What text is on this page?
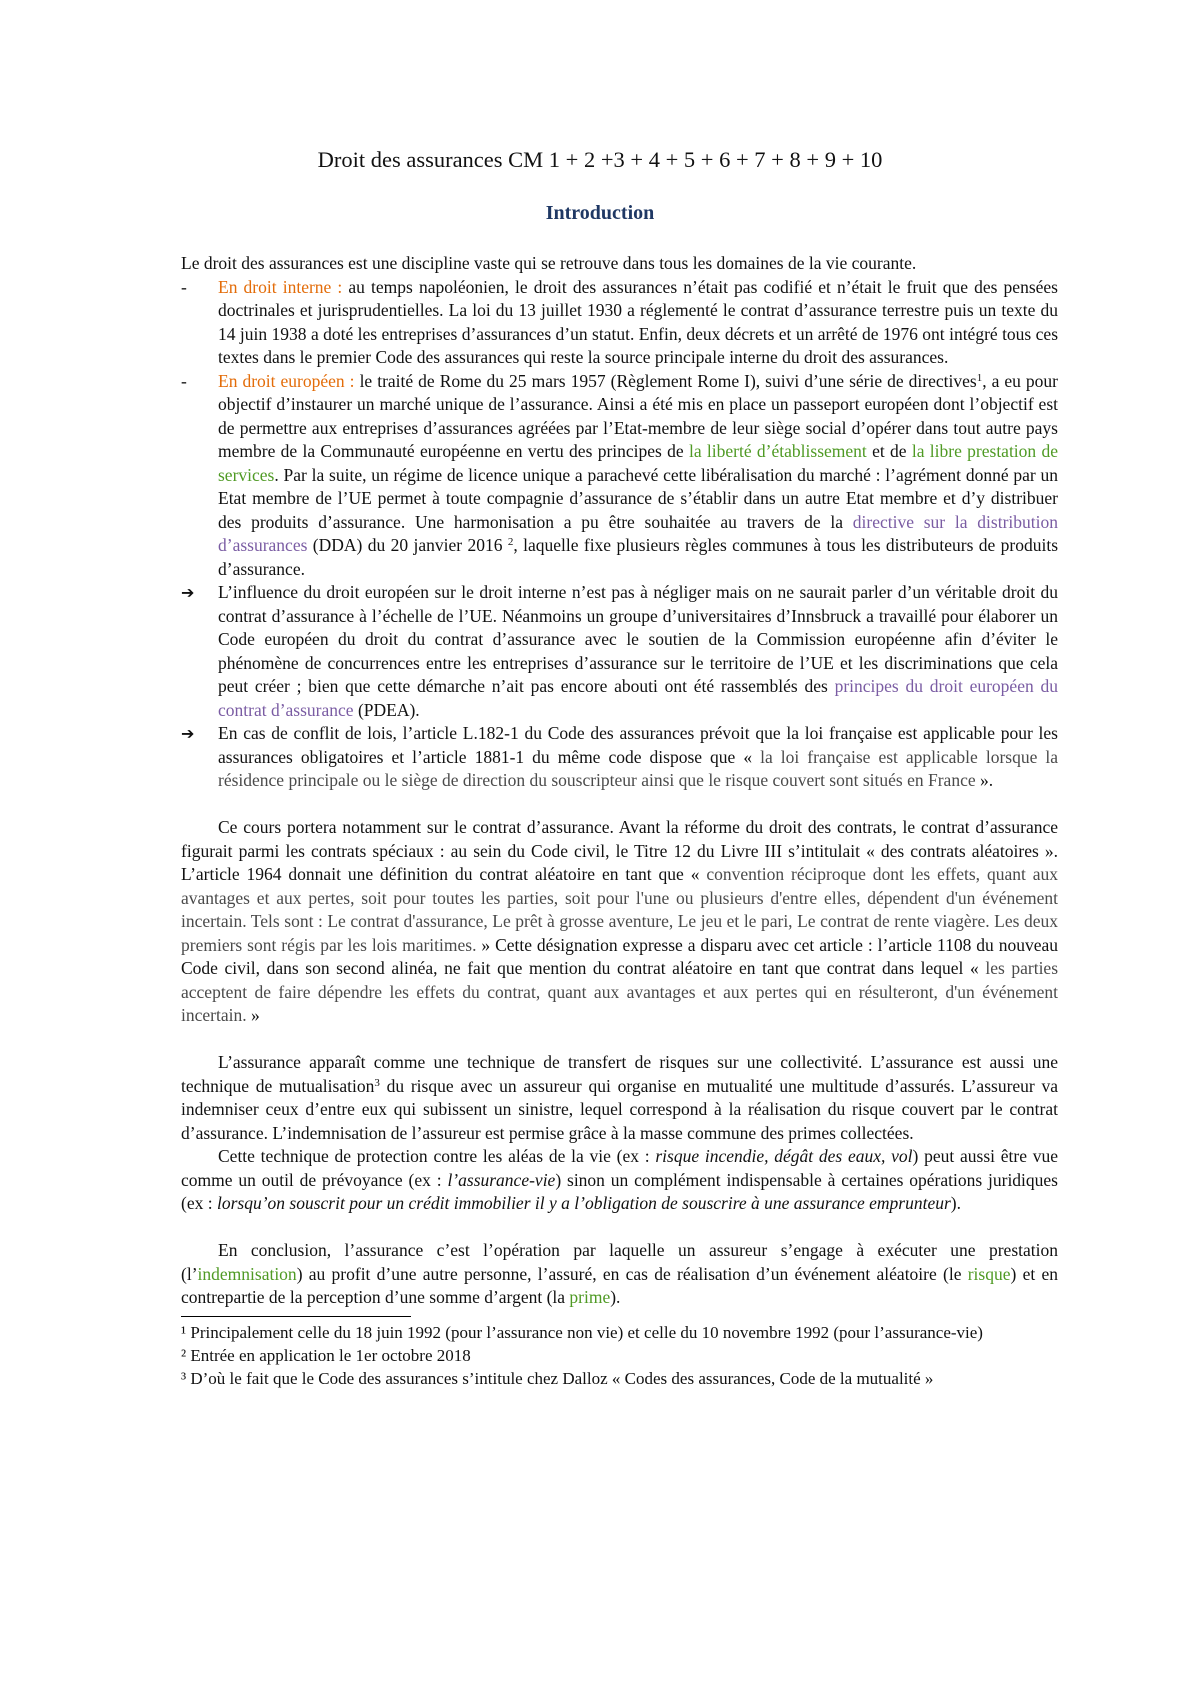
Droit des assurances CM 1 + 2 +3 + 4 + 5 + 6 + 7 + 8 + 9 + 10
Introduction

Le droit des assurances est une discipline vaste qui se retrouve dans tous les domaines de la vie courante.

- En droit interne : au temps napoléonien, le droit des assurances n’était pas codifié et n’était le fruit que des pensées doctrinales et jurisprudentielles. La loi du 13 juillet 1930 a réglementé le contrat d’assurance terrestre puis un texte du 14 juin 1938 a doté les entreprises d’assurances d’un statut. Enfin, deux décrets et un arrêté de 1976 ont intégré tous ces textes dans le premier Code des assurances qui reste la source principale interne du droit des assurances.
- En droit européen : le traité de Rome du 25 mars 1957 (Règlement Rome I), suivi d’une série de directives$^1$, a eu pour objectif d’instaurer un marché unique de l’assurance. Ainsi a été mis en place un passeport européen dont l’objectif est de permettre aux entreprises d’assurances agréées par l’Etat-membre de leur siège social d’opérer dans tout autre pays membre de la Communauté européenne en vertu des principes de la liberté d’établissement et de la libre prestation de services. Par la suite, un régime de licence unique a parachevé cette libéralisation du marché : l’agrément donné par un Etat membre de l’UE permet à toute compagnie d’assurance de s’établir dans un autre Etat membre et d’y distribuer des produits d’assurance. Une harmonisation a pu être souhaitée au travers de la directive sur la distribution d’assurances (DDA) du 20 janvier 2016 $^2$, laquelle fixe plusieurs règles communes à tous les distributeurs de produits d’assurance.
➔ L’influence du droit européen sur le droit interne n’est pas à négliger mais on ne saurait parler d’un véritable droit du contrat d’assurance à l’échelle de l’UE. Néanmoins un groupe d’universitaires d’Innsbruck a travaillé pour élaborer un Code européen du droit du contrat d’assurance avec le soutien de la Commission européenne afin d’éviter le phénomène de concurrences entre les entreprises d’assurance sur le territoire de l’UE et les discriminations que cela peut créer ; bien que cette démarche n’ait pas encore abouti ont été rassemblés des principes du droit européen du contrat d’assurance (PDEA).
➔ En cas de conflit de lois, l’article L.182-1 du Code des assurances prévoit que la loi française est applicable pour les assurances obligatoires et l’article 1881-1 du même code dispose que « la loi française est applicable lorsque la résidence principale ou le siège de direction du souscripteur ainsi que le risque couvert sont situés en France ».

Ce cours portera notamment sur le contrat d’assurance. Avant la réforme du droit des contrats, le contrat d’assurance figurait parmi les contrats spéciaux : au sein du Code civil, le Titre 12 du Livre III s’intitulait « des contrats aléatoires ». L’article 1964 donnait une définition du contrat aléatoire en tant que « convention réciproque dont les effets, quant aux avantages et aux pertes, soit pour toutes les parties, soit pour l'une ou plusieurs d'entre elles, dépendent d'un événement incertain. Tels sont : Le contrat d'assurance, Le prêt à grosse aventure, Le jeu et le pari, Le contrat de rente viagère. Les deux premiers sont régis par les lois maritimes. » Cette désignation expresse a disparu avec cet article : l’article 1108 du nouveau Code civil, dans son second alinéa, ne fait que mention du contrat aléatoire en tant que contrat dans lequel « les parties acceptent de faire dépendre les effets du contrat, quant aux avantages et aux pertes qui en résulteront, d'un événement incertain. »

L’assurance apparaît comme une technique de transfert de risques sur une collectivité. L’assurance est aussi une technique de mutualisation$^3$ du risque avec un assureur qui organise en mutualité une multitude d’assurés. L’assureur va indemniser ceux d’entre eux qui subissent un sinistre, lequel correspond à la réalisation du risque couvert par le contrat d’assurance. L’indemnisation de l’assureur est permise grâce à la masse commune des primes collectées.

Cette technique de protection contre les aléas de la vie (ex : risque incendie, dégât des eaux, vol) peut aussi être vue comme un outil de prévoyance (ex : l’assurance-vie) sinon un complément indispensable à certaines opérations juridiques (ex : lorsqu’on souscrit pour un crédit immobilier il y a l’obligation de souscrire à une assurance emprunteur).

En conclusion, l’assurance c’est l’opération par laquelle un assureur s’engage à exécuter une prestation (l’indemnisation) au profit d’une autre personne, l’assuré, en cas de réalisation d’un événement aléatoire (le risque) et en contrepartie de la perception d’une somme d’argent (la prime).

¹ Principalement celle du 18 juin 1992 (pour l’assurance non vie) et celle du 10 novembre 1992 (pour l’assurance-vie)

² Entrée en application le 1er octobre 2018

³ D’où le fait que le Code des assurances s’intitule chez Dalloz « Codes des assurances, Code de la mutualité »
